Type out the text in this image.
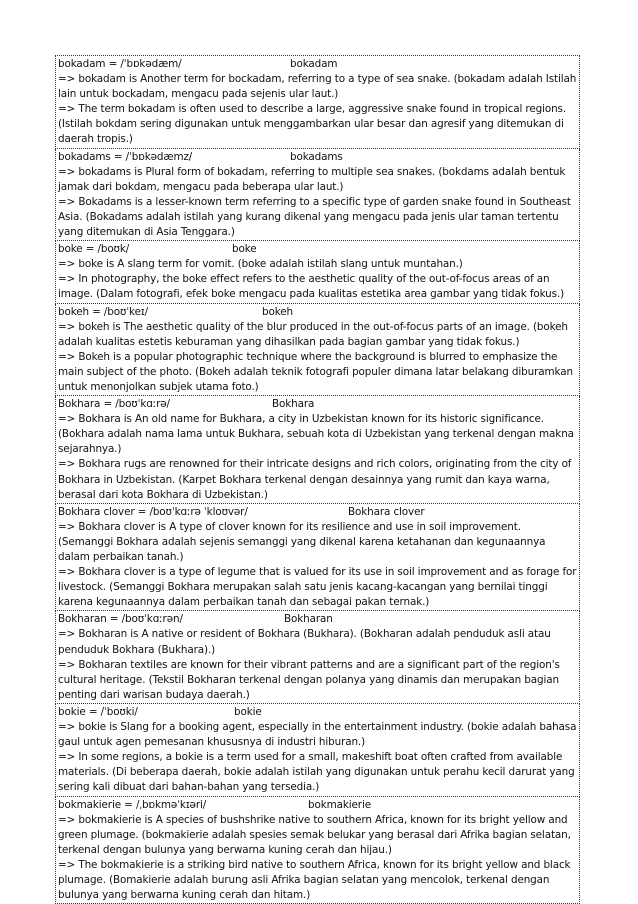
bokadam = /ˈbɒkədæm/	bokadam
=> bokadam is Another term for bockadam, referring to a type of sea snake. (bokadam adalah Istilah lain untuk bockadam, mengacu pada sejenis ular laut.)
=> The term bokadam is often used to describe a large, aggressive snake found in tropical regions. (Istilah bokdam sering digunakan untuk menggambarkan ular besar dan agresif yang ditemukan di daerah tropis.)
bokadams = /ˈbɒkədæmz/	bokadams
=> bokadams is Plural form of bokadam, referring to multiple sea snakes. (bokdams adalah bentuk jamak dari bokdam, mengacu pada beberapa ular laut.)
=> Bokadams is a lesser-known term referring to a specific type of garden snake found in Southeast Asia. (Bokadams adalah istilah yang kurang dikenal yang mengacu pada jenis ular taman tertentu yang ditemukan di Asia Tenggara.)
boke = /boʊk/	boke
=> boke is A slang term for vomit. (boke adalah istilah slang untuk muntahan.)
=> In photography, the boke effect refers to the aesthetic quality of the out-of-focus areas of an image. (Dalam fotografi, efek boke mengacu pada kualitas estetika area gambar yang tidak fokus.)
bokeh = /boʊˈkeɪ/	bokeh
=> bokeh is The aesthetic quality of the blur produced in the out-of-focus parts of an image. (bokeh adalah kualitas estetis keburaman yang dihasilkan pada bagian gambar yang tidak fokus.)
=> Bokeh is a popular photographic technique where the background is blurred to emphasize the main subject of the photo. (Bokeh adalah teknik fotografi populer dimana latar belakang diburamkan untuk menonjolkan subjek utama foto.)
Bokhara = /boʊˈkɑːrə/	Bokhara
=> Bokhara is An old name for Bukhara, a city in Uzbekistan known for its historic significance. (Bokhara adalah nama lama untuk Bukhara, sebuah kota di Uzbekistan yang terkenal dengan makna sejarahnya.)
=> Bokhara rugs are renowned for their intricate designs and rich colors, originating from the city of Bokhara in Uzbekistan. (Karpet Bokhara terkenal dengan desainnya yang rumit dan kaya warna, berasal dari kota Bokhara di Uzbekistan.)
Bokhara clover = /boʊˈkɑːrə ˈkloʊvər/	Bokhara clover
=> Bokhara clover is A type of clover known for its resilience and use in soil improvement. (Semanggi Bokhara adalah sejenis semanggi yang dikenal karena ketahanan dan kegunaannya dalam perbaikan tanah.)
=> Bokhara clover is a type of legume that is valued for its use in soil improvement and as forage for livestock. (Semanggi Bokhara merupakan salah satu jenis kacang-kacangan yang bernilai tinggi karena kegunaannya dalam perbaikan tanah dan sebagai pakan ternak.)
Bokharan = /boʊˈkɑːrən/	Bokharan
=> Bokharan is A native or resident of Bokhara (Bukhara). (Bokharan adalah penduduk asli atau penduduk Bokhara (Bukhara).)
=> Bokharan textiles are known for their vibrant patterns and are a significant part of the region's cultural heritage. (Tekstil Bokharan terkenal dengan polanya yang dinamis dan merupakan bagian penting dari warisan budaya daerah.)
bokie = /ˈboʊki/	bokie
=> bokie is Slang for a booking agent, especially in the entertainment industry. (bokie adalah bahasa gaul untuk agen pemesanan khususnya di industri hiburan.)
=> In some regions, a bokie is a term used for a small, makeshift boat often crafted from available materials. (Di beberapa daerah, bokie adalah istilah yang digunakan untuk perahu kecil darurat yang sering kali dibuat dari bahan-bahan yang tersedia.)
bokmakierie = /ˌbɒkməˈkɪəri/	bokmakierie
=> bokmakierie is A species of bushshrike native to southern Africa, known for its bright yellow and green plumage. (bokmakierie adalah spesies semak belukar yang berasal dari Afrika bagian selatan, terkenal dengan bulunya yang berwarna kuning cerah dan hijau.)
=> The bokmakierie is a striking bird native to southern Africa, known for its bright yellow and black plumage. (Bomakierie adalah burung asli Afrika bagian selatan yang mencolok, terkenal dengan bulunya yang berwarna kuning cerah dan hitam.)
